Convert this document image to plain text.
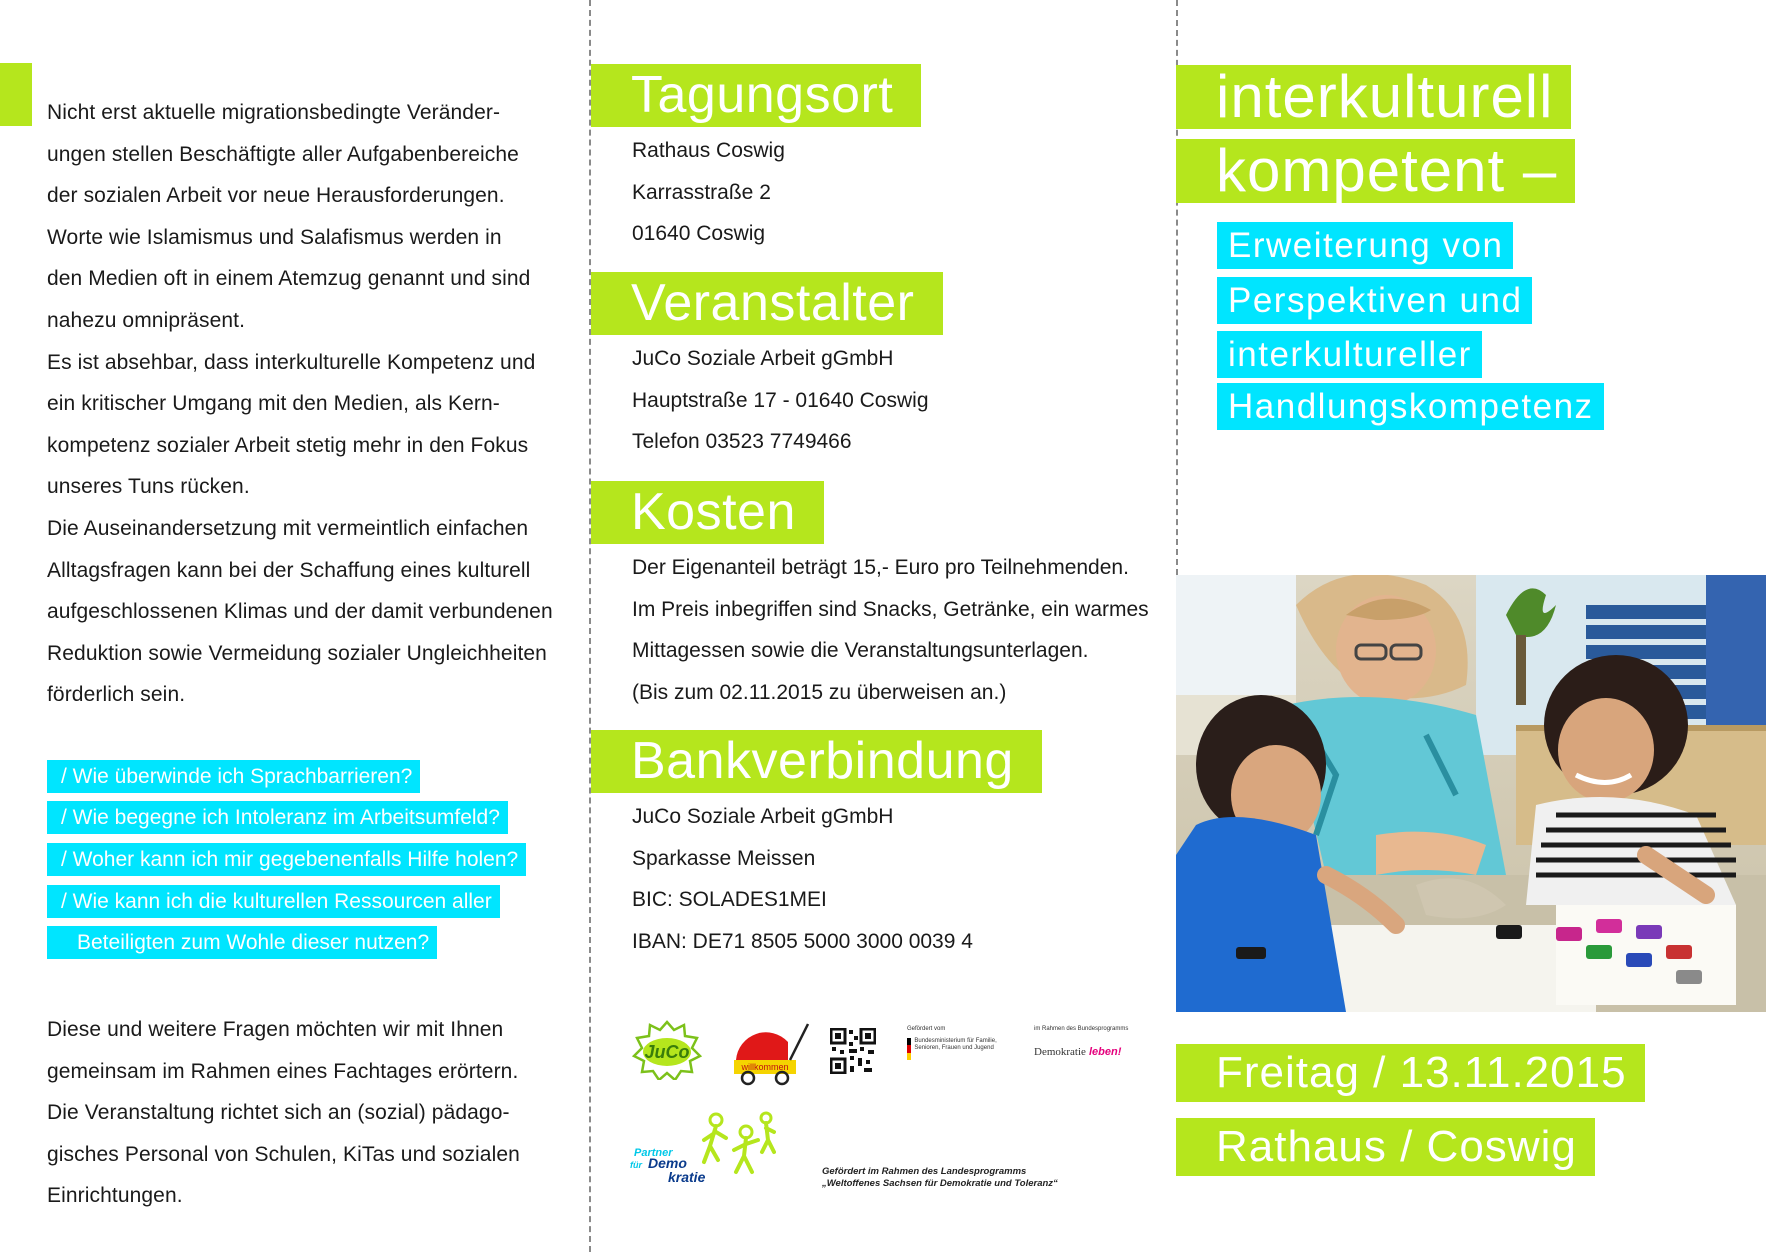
Nicht erst aktuelle migrationsbedingte Veränder-
ungen stellen Beschäftigte aller Aufgabenbereiche
der sozialen Arbeit vor neue Herausforderungen.
Worte wie Islamismus und Salafismus werden in
den Medien oft in einem Atemzug genannt und sind
nahezu omnipräsent.
Es ist absehbar, dass interkulturelle Kompetenz und
ein kritischer Umgang mit den Medien, als Kern-
kompetenz sozialer Arbeit stetig mehr in den Fokus
unseres Tuns rücken.
Die Auseinandersetzung mit vermeintlich einfachen
Alltagsfragen kann bei der Schaffung eines kulturell
aufgeschlossenen Klimas und der damit verbundenen
Reduktion sowie Vermeidung sozialer Ungleichheiten
förderlich sein.
/ Wie überwinde ich Sprachbarrieren?
/ Wie begegne ich Intoleranz im Arbeitsumfeld?
/ Woher kann ich mir gegebenenfalls Hilfe holen?
/ Wie kann ich die kulturellen Ressourcen aller
Beteiligten zum Wohle dieser nutzen?
Diese und weitere Fragen möchten wir mit Ihnen
gemeinsam im Rahmen eines Fachtages erörtern.
Die Veranstaltung richtet sich an (sozial) pädago-
gisches Personal von Schulen, KiTas und sozialen
Einrichtungen.
Tagungsort
Rathaus Coswig
Karrasstraße 2
01640 Coswig
Veranstalter
JuCo Soziale Arbeit gGmbH
Hauptstraße 17 - 01640 Coswig
Telefon 03523 7749466
Kosten
Der Eigenanteil beträgt 15,- Euro pro Teilnehmenden.
Im Preis inbegriffen sind Snacks, Getränke, ein warmes
Mittagessen sowie die Veranstaltungsunterlagen.
(Bis zum 02.11.2015 zu überweisen an.)
Bankverbindung
JuCo Soziale Arbeit gGmbH
Sparkasse Meissen
BIC: SOLADES1MEI
IBAN: DE71 8505 5000 3000 0039 4
JuCo
willkommen
Gefördert vom
Bundesministerium für Familie, Senioren, Frauen und Jugend
im Rahmen des Bundesprogramms
Demokratie leben!
Partner
für Demo
kratie	Gefördert im Rahmen des Landesprogramms
„Weltoffenes Sachsen für Demokratie und Toleranz“
interkulturell
kompetent –
Erweiterung von
Perspektiven und
interkultureller
Handlungskompetenz
Freitag / 13.11.2015
Rathaus / Coswig
